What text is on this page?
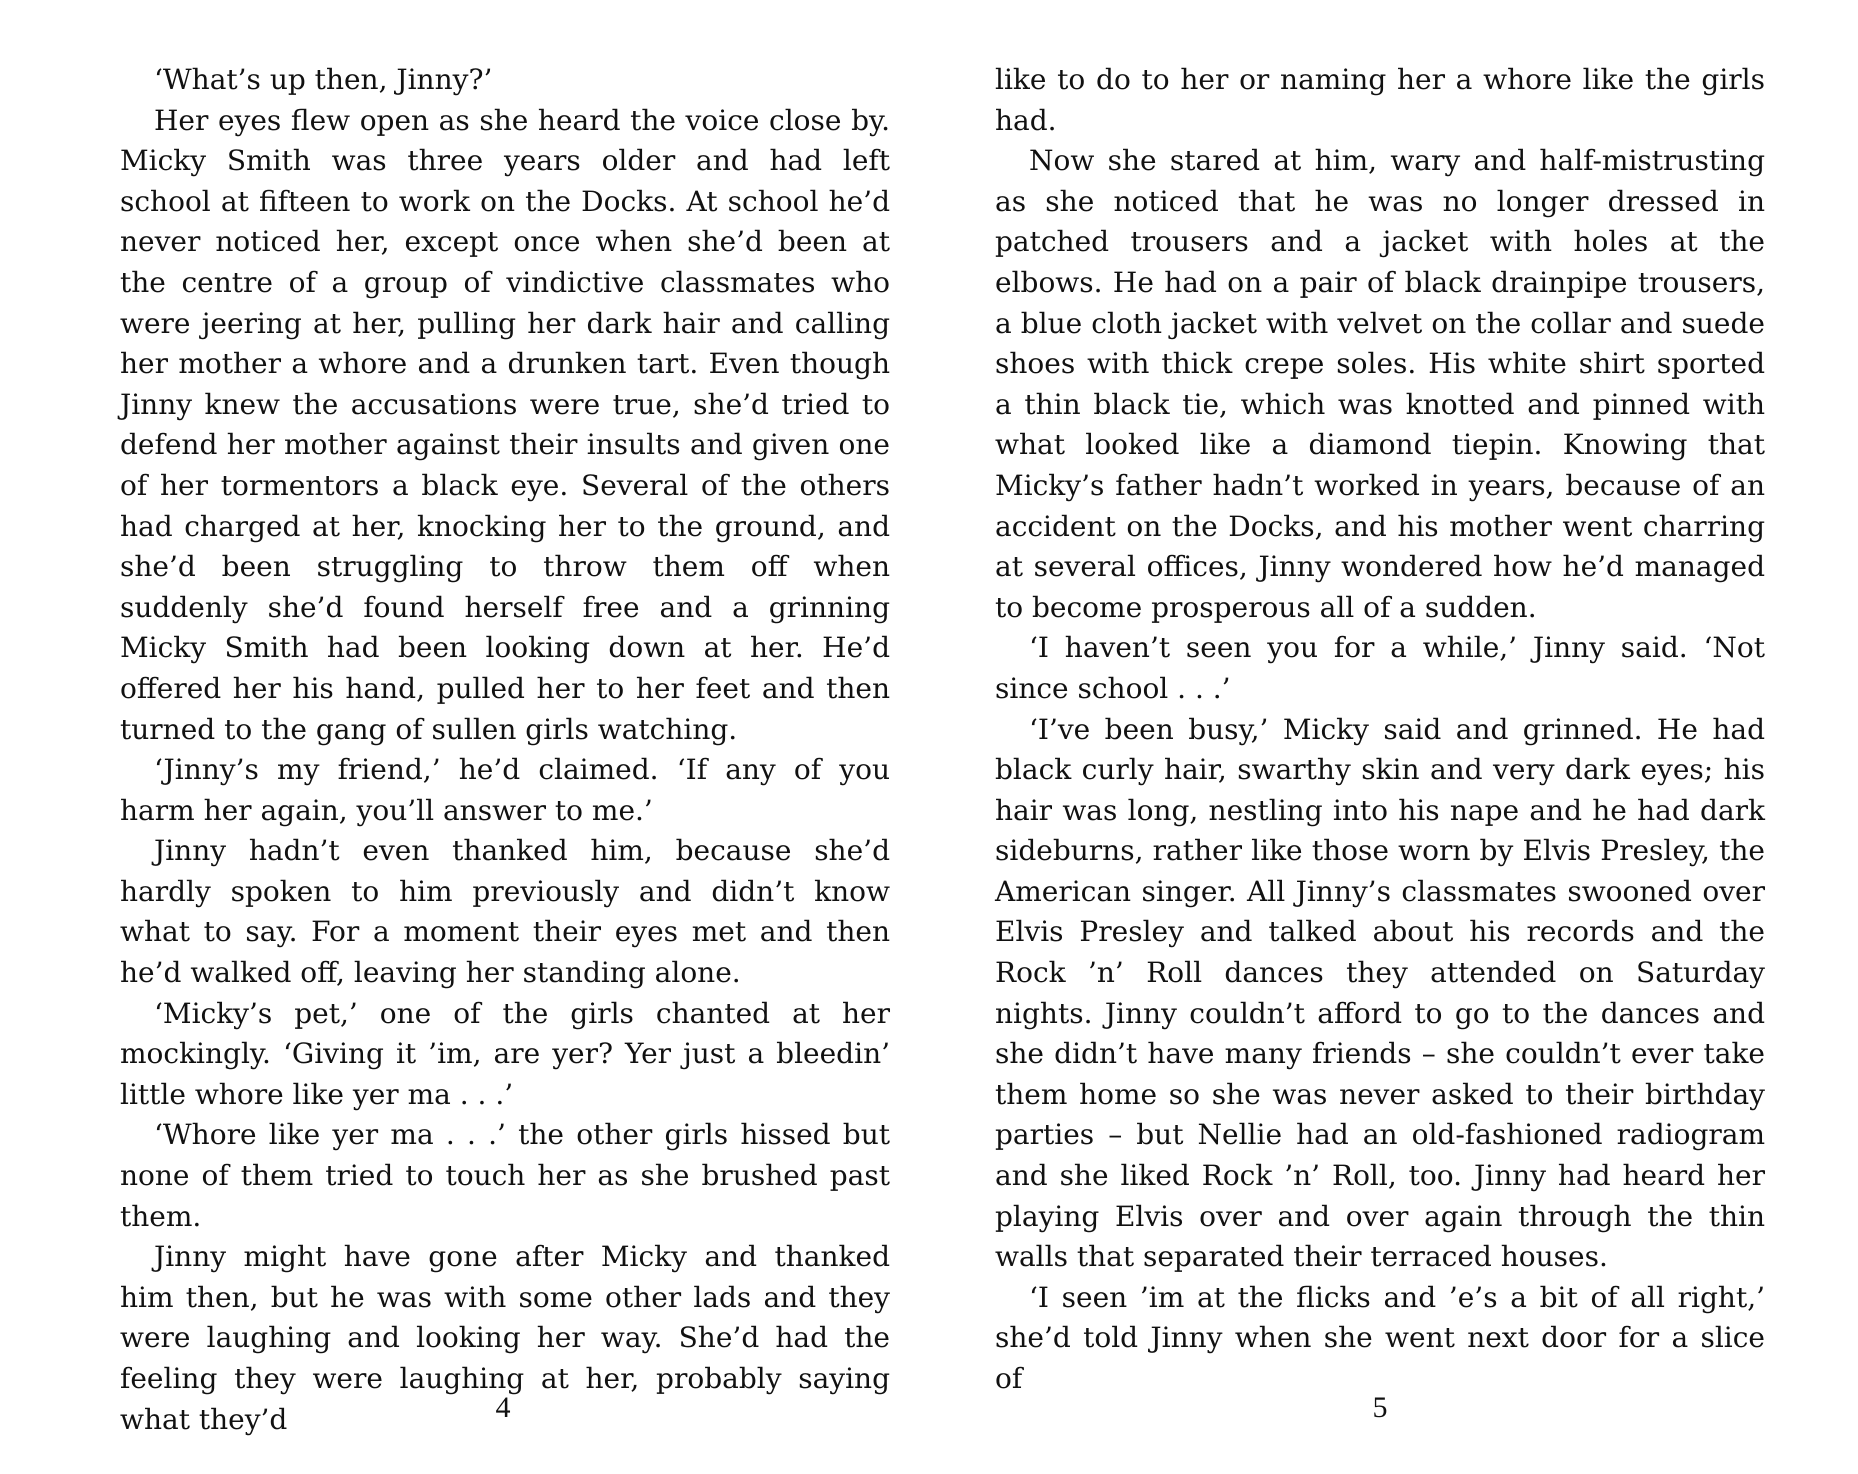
‘What’s up then, Jinny?’

Her eyes flew open as she heard the voice close by. Micky Smith was three years older and had left school at fifteen to work on the Docks. At school he’d never noticed her, except once when she’d been at the centre of a group of vindictive classmates who were jeering at her, pulling her dark hair and calling her mother a whore and a drunken tart. Even though Jinny knew the accusations were true, she’d tried to defend her mother against their insults and given one of her tormentors a black eye. Several of the others had charged at her, knocking her to the ground, and she’d been struggling to throw them off when suddenly she’d found herself free and a grinning Micky Smith had been looking down at her. He’d offered her his hand, pulled her to her feet and then turned to the gang of sullen girls watching.

‘Jinny’s my friend,’ he’d claimed. ‘If any of you harm her again, you’ll answer to me.’

Jinny hadn’t even thanked him, because she’d hardly spoken to him previously and didn’t know what to say. For a moment their eyes met and then he’d walked off, leaving her standing alone.

‘Micky’s pet,’ one of the girls chanted at her mockingly. ‘Giving it ’im, are yer? Yer just a bleedin’ little whore like yer ma . . .’

‘Whore like yer ma . . .’ the other girls hissed but none of them tried to touch her as she brushed past them.

Jinny might have gone after Micky and thanked him then, but he was with some other lads and they were laughing and looking her way. She’d had the feeling they were laughing at her, probably saying what they’d	4

like to do to her or naming her a whore like the girls had.

Now she stared at him, wary and half-mistrusting as she noticed that he was no longer dressed in patched trousers and a jacket with holes at the elbows. He had on a pair of black drainpipe trousers, a blue cloth jacket with velvet on the collar and suede shoes with thick crepe soles. His white shirt sported a thin black tie, which was knotted and pinned with what looked like a diamond tiepin. Knowing that Micky’s father hadn’t worked in years, because of an accident on the Docks, and his mother went charring at several offices, Jinny wondered how he’d managed to become prosperous all of a sudden.

‘I haven’t seen you for a while,’ Jinny said. ‘Not since school . . .’

‘I’ve been busy,’ Micky said and grinned. He had black curly hair, swarthy skin and very dark eyes; his hair was long, nestling into his nape and he had dark sideburns, rather like those worn by Elvis Presley, the American singer. All Jinny’s classmates swooned over Elvis Presley and talked about his records and the Rock ’n’ Roll dances they attended on Saturday nights. Jinny couldn’t afford to go to the dances and she didn’t have many friends – she couldn’t ever take them home so she was never asked to their birthday parties – but Nellie had an old-fashioned radiogram and she liked Rock ’n’ Roll, too. Jinny had heard her playing Elvis over and over again through the thin walls that separated their terraced houses.

‘I seen ’im at the flicks and ’e’s a bit of all right,’ she’d told Jinny when she went next door for a slice of

5
